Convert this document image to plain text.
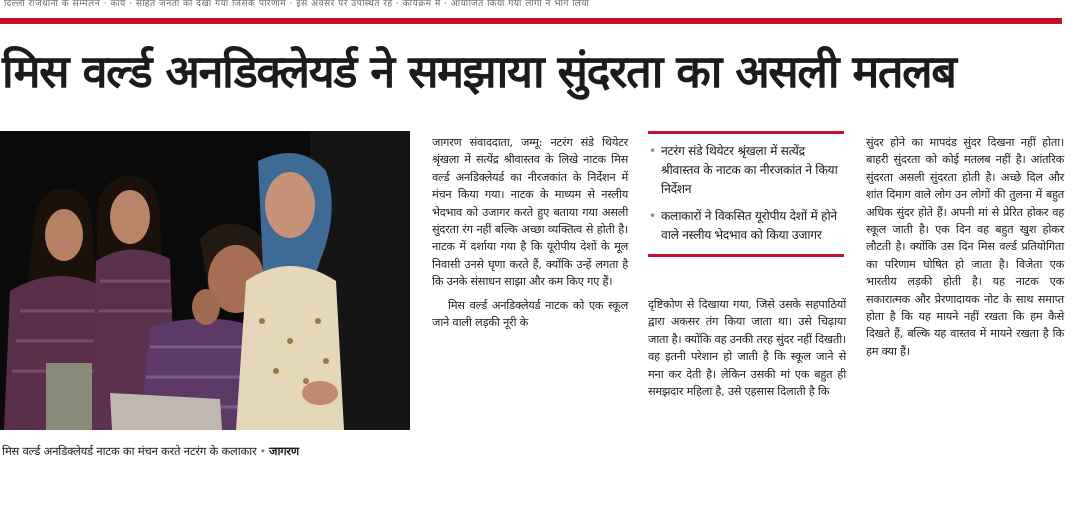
दिल्ली राजधानी के सम्मेलन · कार्य · सहित जनता को देखा गया जिसके परिणाम · इस अवसर पर उपस्थित रहे · कार्यक्रम में · आयोजित किया गया लोगों ने भाग लिया
मिस वर्ल्ड अनडिक्लेयर्ड ने समझाया सुंदरता का असली मतलब
मिस वर्ल्ड अनडिक्लेयर्ड नाटक का मंचन करते नटरंग के कलाकार • जागरण

जागरण संवाददाता, जम्मू: नटरंग संडे थियेटर श्रृंखला में सत्येंद्र श्रीवास्तव के लिखे नाटक मिस वर्ल्ड अनडिक्लेयर्ड का नीरजकांत के निर्देशन में मंचन किया गया। नाटक के माध्यम से नस्लीय भेदभाव को उजागर करते हुए बताया गया असली सुंदरता रंग नहीं बल्कि अच्छा व्यक्तित्व से होती है। नाटक में दर्शाया गया है कि यूरोपीय देशों के मूल निवासी उनसे घृणा करते हैं, क्योंकि उन्हें लगता है कि उनके संसाधन साझा और कम किए गए हैं।

मिस वर्ल्ड अनडिक्लेयर्ड नाटक को एक स्कूल जाने वाली लड़की नूरी के

• नटरंग संडे थियेटर श्रृंखला में सत्येंद्र श्रीवास्तव के नाटक का नीरजकांत ने किया निर्देशन
• कलाकारों ने विकसित यूरोपीय देशों में होने वाले नस्लीय भेदभाव को किया उजागर

दृष्टिकोण से दिखाया गया, जिसे उसके सहपाठियों द्वारा अकसर तंग किया जाता था। उसे चिढ़ाया जाता है। क्योंकि वह उनकी तरह सुंदर नहीं दिखती। वह इतनी परेशान हो जाती है कि स्कूल जाने से मना कर देती है। लेकिन उसकी मां एक बहुत ही समझदार महिला है, उसे एहसास दिलाती है कि

सुंदर होने का मापदंड सुंदर दिखना नहीं होता। बाहरी सुंदरता को कोई मतलब नहीं है। आंतरिक सुंदरता असली सुंदरता होती है। अच्छे दिल और शांत दिमाग वाले लोग उन लोगों की तुलना में बहुत अधिक सुंदर होते हैं। अपनी मां से प्रेरित होकर वह स्कूल जाती है। एक दिन वह बहुत खुश होकर लौटती है। क्योंकि उस दिन मिस वर्ल्ड प्रतियोगिता का परिणाम घोषित हो जाता है। विजेता एक भारतीय लड़की होती है। यह नाटक एक सकारात्मक और प्रेरणादायक नोट के साथ समाप्त होता है कि यह मायने नहीं रखता कि हम कैसे दिखते हैं, बल्कि यह वास्तव में मायने रखता है कि हम क्या हैं।
